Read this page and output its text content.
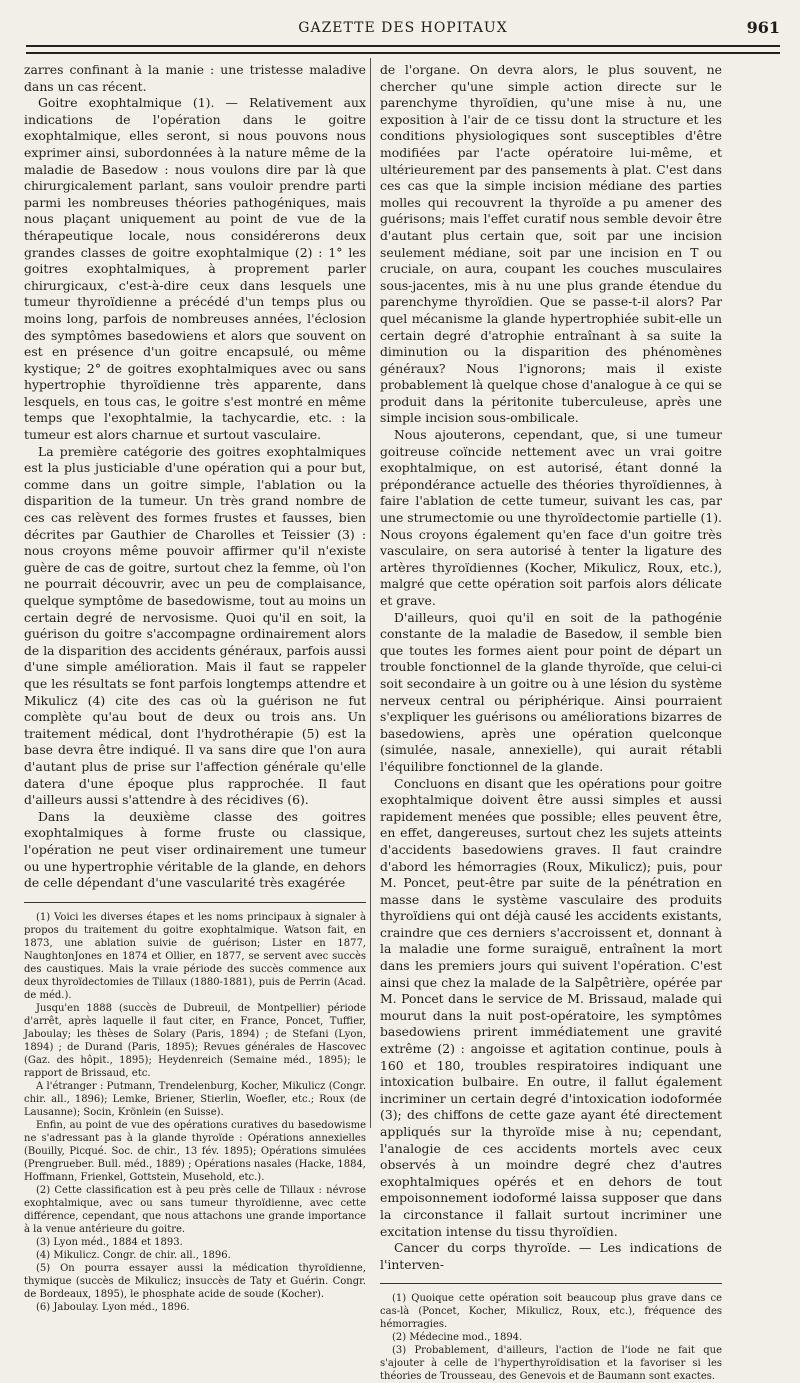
GAZETTE DES HOPITAUX	961

zarres confinant à la manie : une tristesse maladive dans un cas récent.

Goitre exophtalmique (1). — Relativement aux indications de l'opération dans le goitre exophtalmique, elles seront, si nous pouvons nous exprimer ainsi, subordonnées à la nature même de la maladie de Basedow : nous voulons dire par là que chirurgicalement parlant, sans vouloir prendre parti parmi les nombreuses théories pathogéniques, mais nous plaçant uniquement au point de vue de la thérapeutique locale, nous considérerons deux grandes classes de goitre exophtalmique (2) : 1° les goitres exophtalmiques, à proprement parler chirurgicaux, c'est-à-dire ceux dans lesquels une tumeur thyroïdienne a précédé d'un temps plus ou moins long, parfois de nombreuses années, l'éclosion des symptômes basedowiens et alors que souvent on est en présence d'un goitre encapsulé, ou même kystique; 2° de goitres exophtalmiques avec ou sans hypertrophie thyroïdienne très apparente, dans lesquels, en tous cas, le goitre s'est montré en même temps que l'exophtalmie, la tachycardie, etc. : la tumeur est alors charnue et surtout vasculaire.

La première catégorie des goitres exophtalmiques est la plus justiciable d'une opération qui a pour but, comme dans un goitre simple, l'ablation ou la disparition de la tumeur. Un très grand nombre de ces cas relèvent des formes frustes et fausses, bien décrites par Gauthier de Charolles et Teissier (3) : nous croyons même pouvoir affirmer qu'il n'existe guère de cas de goitre, surtout chez la femme, où l'on ne pourrait découvrir, avec un peu de complaisance, quelque symptôme de basedowisme, tout au moins un certain degré de nervosisme. Quoi qu'il en soit, la guérison du goitre s'accompagne ordinairement alors de la disparition des accidents généraux, parfois aussi d'une simple amélioration. Mais il faut se rappeler que les résultats se font parfois longtemps attendre et Mikulicz (4) cite des cas où la guérison ne fut complète qu'au bout de deux ou trois ans. Un traitement médical, dont l'hydrothérapie (5) est la base devra être indiqué. Il va sans dire que l'on aura d'autant plus de prise sur l'affection générale qu'elle datera d'une époque plus rapprochée. Il faut d'ailleurs aussi s'attendre à des récidives (6).

Dans la deuxième classe des goitres exophtalmiques à forme fruste ou classique, l'opération ne peut viser ordinairement une tumeur ou une hypertrophie véritable de la glande, en dehors de celle dépendant d'une vascularité très exagérée

(1) Voici les diverses étapes et les noms principaux à signaler à propos du traitement du goitre exophtalmique. Watson fait, en 1873, une ablation suivie de guérison; Lister en 1877, NaughtonJones en 1874 et Ollier, en 1877, se servent avec succès des caustiques. Mais la vraie période des succès commence aux deux thyroïdectomies de Tillaux (1880-1881), puis de Perrin (Acad. de méd.).

Jusqu'en 1888 (succès de Dubreuil, de Montpellier) période d'arrêt, après laquelle il faut citer, en France, Poncet, Tuffier, Jaboulay; les thèses de Solary (Paris, 1894) ; de Stefani (Lyon, 1894) ; de Durand (Paris, 1895); Revues générales de Hascovec (Gaz. des hôpit., 1895); Heydenreich (Semaine méd., 1895); le rapport de Brissaud, etc.

A l'étranger : Putmann, Trendelenburg, Kocher, Mikulicz (Congr. chir. all., 1896); Lemke, Briener, Stierlin, Woefler, etc.; Roux (de Lausanne); Socin, Krönlein (en Suisse).

Enfin, au point de vue des opérations curatives du basedowisme ne s'adressant pas à la glande thyroïde : Opérations annexielles (Bouilly, Picqué. Soc. de chir., 13 fév. 1895); Opérations simulées (Prengrueber. Bull. méd., 1889) ; Opérations nasales (Hacke, 1884, Hoffmann, Frienkel, Gottstein, Musehold, etc.).

(2) Cette classification est à peu près celle de Tillaux : névrose exophtalmique, avec ou sans tumeur thyroïdienne, avec cette différence, cependant, que nous attachons une grande importance à la venue antérieure du goitre.

(3) Lyon méd., 1884 et 1893.

(4) Mikulicz. Congr. de chir. all., 1896.

(5) On pourra essayer aussi la médication thyroïdienne, thymique (succès de Mikulicz; insuccès de Taty et Guérin. Congr. de Bordeaux, 1895), le phosphate acide de soude (Kocher).

(6) Jaboulay. Lyon méd., 1896.

de l'organe. On devra alors, le plus souvent, ne chercher qu'une simple action directe sur le parenchyme thyroïdien, qu'une mise à nu, une exposition à l'air de ce tissu dont la structure et les conditions physiologiques sont susceptibles d'être modifiées par l'acte opératoire lui-même, et ultérieurement par des pansements à plat. C'est dans ces cas que la simple incision médiane des parties molles qui recouvrent la thyroïde a pu amener des guérisons; mais l'effet curatif nous semble devoir être d'autant plus certain que, soit par une incision seulement médiane, soit par une incision en T ou cruciale, on aura, coupant les couches musculaires sous-jacentes, mis à nu une plus grande étendue du parenchyme thyroïdien. Que se passe-t-il alors? Par quel mécanisme la glande hypertrophiée subit-elle un certain degré d'atrophie entraînant à sa suite la diminution ou la disparition des phénomènes généraux? Nous l'ignorons; mais il existe probablement là quelque chose d'analogue à ce qui se produit dans la péritonite tuberculeuse, après une simple incision sous-ombilicale.

Nous ajouterons, cependant, que, si une tumeur goitreuse coïncide nettement avec un vrai goitre exophtalmique, on est autorisé, étant donné la prépondérance actuelle des théories thyroïdiennes, à faire l'ablation de cette tumeur, suivant les cas, par une strumectomie ou une thyroïdectomie partielle (1). Nous croyons également qu'en face d'un goitre très vasculaire, on sera autorisé à tenter la ligature des artères thyroïdiennes (Kocher, Mikulicz, Roux, etc.), malgré que cette opération soit parfois alors délicate et grave.

D'ailleurs, quoi qu'il en soit de la pathogénie constante de la maladie de Basedow, il semble bien que toutes les formes aient pour point de départ un trouble fonctionnel de la glande thyroïde, que celui-ci soit secondaire à un goitre ou à une lésion du système nerveux central ou périphérique. Ainsi pourraient s'expliquer les guérisons ou améliorations bizarres de basedowiens, après une opération quelconque (simulée, nasale, annexielle), qui aurait rétabli l'équilibre fonctionnel de la glande.

Concluons en disant que les opérations pour goitre exophtalmique doivent être aussi simples et aussi rapidement menées que possible; elles peuvent être, en effet, dangereuses, surtout chez les sujets atteints d'accidents basedowiens graves. Il faut craindre d'abord les hémorragies (Roux, Mikulicz); puis, pour M. Poncet, peut-être par suite de la pénétration en masse dans le système vasculaire des produits thyroïdiens qui ont déjà causé les accidents existants, craindre que ces derniers s'accroissent et, donnant à la maladie une forme suraiguë, entraînent la mort dans les premiers jours qui suivent l'opération. C'est ainsi que chez la malade de la Salpêtrière, opérée par M. Poncet dans le service de M. Brissaud, malade qui mourut dans la nuit post-opératoire, les symptômes basedowiens prirent immédiatement une gravité extrême (2) : angoisse et agitation continue, pouls à 160 et 180, troubles respiratoires indiquant une intoxication bulbaire. En outre, il fallut également incriminer un certain degré d'intoxication iodoformée (3); des chiffons de cette gaze ayant été directement appliqués sur la thyroïde mise à nu; cependant, l'analogie de ces accidents mortels avec ceux observés à un moindre degré chez d'autres exophtalmiques opérés et en dehors de tout empoisonnement iodoformé laissa supposer que dans la circonstance il fallait surtout incriminer une excitation intense du tissu thyroïdien.

Cancer du corps thyroïde. — Les indications de l'interven-

(1) Quoique cette opération soit beaucoup plus grave dans ce cas-là (Poncet, Kocher, Mikulicz, Roux, etc.), fréquence des hémorragies.

(2) Médecine mod., 1894.

(3) Probablement, d'ailleurs, l'action de l'iode ne fait que s'ajouter à celle de l'hyperthyroïdisation et la favoriser si les théories de Trousseau, des Genevois et de Baumann sont exactes.
